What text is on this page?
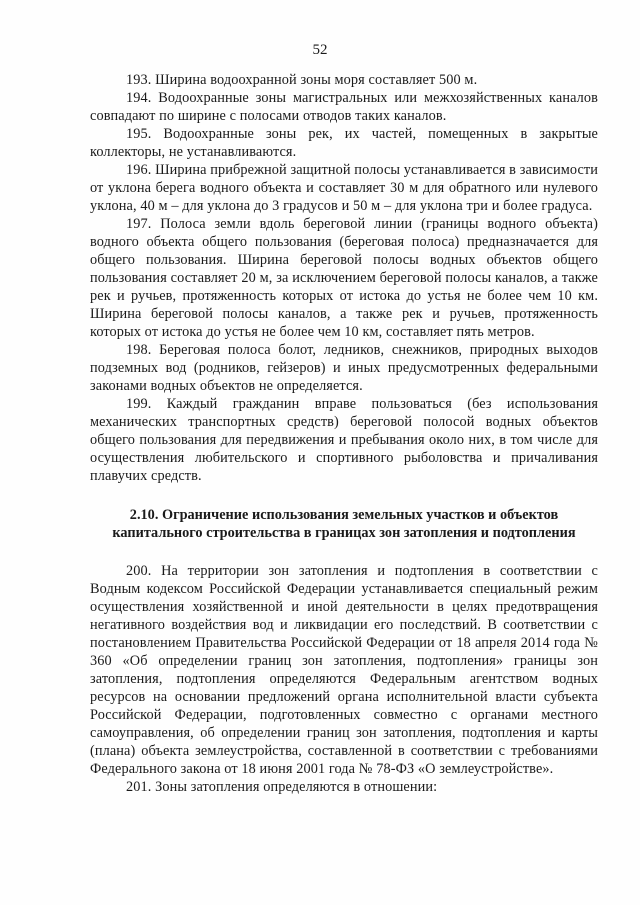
52

193. Ширина водоохранной зоны моря составляет 500 м.

194. Водоохранные зоны магистральных или межхозяйственных каналов совпадают по ширине с полосами отводов таких каналов.

195. Водоохранные зоны рек, их частей, помещенных в закрытые коллекторы, не устанавливаются.

196. Ширина прибрежной защитной полосы устанавливается в зависимости от уклона берега водного объекта и составляет 30 м для обратного или нулевого уклона, 40 м – для уклона до 3 градусов и 50 м – для уклона три и более градуса.

197. Полоса земли вдоль береговой линии (границы водного объекта) водного объекта общего пользования (береговая полоса) предназначается для общего пользования. Ширина береговой полосы водных объектов общего пользования составляет 20 м, за исключением береговой полосы каналов, а также рек и ручьев, протяженность которых от истока до устья не более чем 10 км. Ширина береговой полосы каналов, а также рек и ручьев, протяженность которых от истока до устья не более чем 10 км, составляет пять метров.

198. Береговая полоса болот, ледников, снежников, природных выходов подземных вод (родников, гейзеров) и иных предусмотренных федеральными законами водных объектов не определяется.

199. Каждый гражданин вправе пользоваться (без использования механических транспортных средств) береговой полосой водных объектов общего пользования для передвижения и пребывания около них, в том числе для осуществления любительского и спортивного рыболовства и причаливания плавучих средств.

2.10. Ограничение использования земельных участков и объектов
капитального строительства в границах зон затопления и подтопления

200. На территории зон затопления и подтопления в соответствии с Водным кодексом Российской Федерации устанавливается специальный режим осуществления хозяйственной и иной деятельности в целях предотвращения негативного воздействия вод и ликвидации его последствий. В соответствии с постановлением Правительства Российской Федерации от 18 апреля 2014 года № 360 «Об определении границ зон затопления, подтопления» границы зон затопления, подтопления определяются Федеральным агентством водных ресурсов на основании предложений органа исполнительной власти субъекта Российской Федерации, подготовленных совместно с органами местного самоуправления, об определении границ зон затопления, подтопления и карты (плана) объекта землеустройства, составленной в соответствии с требованиями Федерального закона от 18 июня 2001 года № 78-ФЗ «О землеустройстве».

201. Зоны затопления определяются в отношении:
